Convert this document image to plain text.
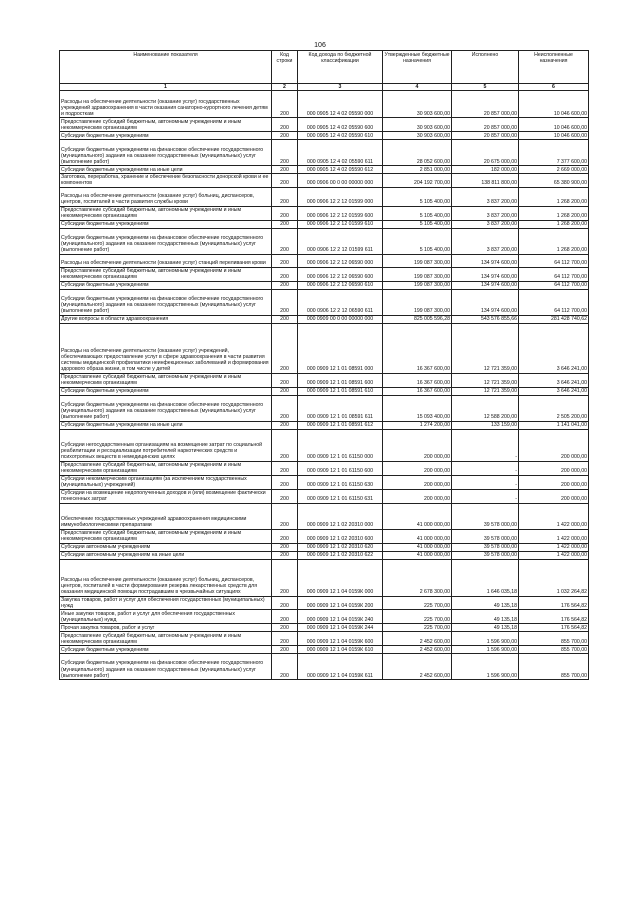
106
Наименование показателя	Код строки	Код дохода по бюджетной классификации	Утвержденные бюджетные назначения	Исполнено	Неисполненные назначения
1	2	3	4	5	6
Расходы на обеспечение деятельности (оказание услуг) государственных учреждений здравоохранения в части оказания санаторно-курортного лечения детям и подросткам	200	000 0905 12 4 02 05590 000	30 903 600,00	20 857 000,00	10 046 600,00
Предоставление субсидий бюджетным, автономным учреждениям и иным некоммерческим организациям	200	000 0905 12 4 02 05590 600	30 903 600,00	20 857 000,00	10 046 600,00
Субсидии бюджетным учреждениям	200	000 0905 12 4 02 05590 610	30 903 600,00	20 857 000,00	10 046 600,00
Субсидии бюджетным учреждениям на финансовое обеспечение государственного (муниципального) задания на оказание государственных (муниципальных) услуг (выполнение работ)	200	000 0905 12 4 02 05590 611	28 052 600,00	20 675 000,00	7 377 600,00
Субсидии бюджетным учреждениям на иные цели	200	000 0905 12 4 02 05590 612	2 851 000,00	182 000,00	2 669 000,00
Заготовка, переработка, хранение и обеспечение безопасности донорской крови и ее компонентов	200	000 0906 00 0 00 00000 000	204 192 700,00	138 811 800,00	65 380 900,00
Расходы на обеспечение деятельности (оказание услуг) больниц, диспансеров, центров, госпиталей в части развития службы крови	200	000 0906 12 2 12 01599 000	5 105 400,00	3 837 200,00	1 268 200,00
Предоставление субсидий бюджетным, автономным учреждениям и иным некоммерческим организациям	200	000 0906 12 2 12 01599 600	5 105 400,00	3 837 200,00	1 268 200,00
Субсидии бюджетным учреждениям	200	000 0906 12 2 12 01599 610	5 105 400,00	3 837 200,00	1 268 200,00
Субсидии бюджетным учреждениям на финансовое обеспечение государственного (муниципального) задания на оказание государственных (муниципальных) услуг (выполнение работ)	200	000 0906 12 2 12 01599 611	5 105 400,00	3 837 200,00	1 268 200,00
Расходы на обеспечение деятельности (оказание услуг) станций переливания крови	200	000 0906 12 2 12 06590 000	199 087 300,00	134 974 600,00	64 112 700,00
Предоставление субсидий бюджетным, автономным учреждениям и иным некоммерческим организациям	200	000 0906 12 2 12 06590 600	199 087 300,00	134 974 600,00	64 112 700,00
Субсидии бюджетным учреждениям	200	000 0906 12 2 12 06590 610	199 087 300,00	134 974 600,00	64 112 700,00
Субсидии бюджетным учреждениям на финансовое обеспечение государственного (муниципального) задания на оказание государственных (муниципальных) услуг (выполнение работ)	200	000 0906 12 2 12 06590 611	199 087 300,00	134 974 600,00	64 112 700,00
Другие вопросы в области здравоохранения	200	000 0909 00 0 00 00000 000	825 005 596,28	543 576 855,66	281 428 740,62
Расходы на обеспечение деятельности (оказание услуг) учреждений, обеспечивающих предоставление услуг в сфере здравоохранения в части развития системы медицинской профилактики неинфекционных заболеваний и формирования здорового образа жизни, в том числе у детей	200	000 0909 12 1 01 08591 000	16 367 600,00	12 721 359,00	3 646 241,00
Предоставление субсидий бюджетным, автономным учреждениям и иным некоммерческим организациям	200	000 0909 12 1 01 08591 600	16 367 600,00	12 721 359,00	3 646 241,00
Субсидии бюджетным учреждениям	200	000 0909 12 1 01 08591 610	16 367 600,00	12 721 359,00	3 646 241,00
Субсидии бюджетным учреждениям на финансовое обеспечение государственного (муниципального) задания на оказание государственных (муниципальных) услуг (выполнение работ)	200	000 0909 12 1 01 08591 611	15 093 400,00	12 588 200,00	2 505 200,00
Субсидии бюджетным учреждениям на иные цели	200	000 0909 12 1 01 08591 612	1 274 200,00	133 159,00	1 141 041,00
Субсидии негосударственным организациям на возмещение затрат по социальной реабилитации и ресоциализации потребителей наркотических средств и психотропных веществ в немедицинских целях	200	000 0909 12 1 01 61150 000	200 000,00	-	200 000,00
Предоставление субсидий бюджетным, автономным учреждениям и иным некоммерческим организациям	200	000 0909 12 1 01 61150 600	200 000,00	-	200 000,00
Субсидии некоммерческим организациям (за исключением государственных (муниципальных) учреждений)	200	000 0909 12 1 01 61150 630	200 000,00	-	200 000,00
Субсидии на возмещение недополученных доходов и (или) возмещение фактически понесенных затрат	200	000 0909 12 1 01 61150 631	200 000,00	-	200 000,00
Обеспечение государственных учреждений здравоохранения медицинскими иммунобиологическими препаратами	200	000 0909 12 1 02 20310 000	41 000 000,00	39 578 000,00	1 422 000,00
Предоставление субсидий бюджетным, автономным учреждениям и иным некоммерческим организациям	200	000 0909 12 1 02 20310 600	41 000 000,00	39 578 000,00	1 422 000,00
Субсидии автономным учреждениям	200	000 0909 12 1 02 20310 620	41 000 000,00	39 578 000,00	1 422 000,00
Субсидии автономным учреждениям на иные цели	200	000 0909 12 1 02 20310 622	41 000 000,00	39 578 000,00	1 422 000,00
Расходы на обеспечение деятельности (оказание услуг) больниц, диспансеров, центров, госпиталей в части формирования резерва лекарственных средств для оказания медицинской помощи пострадавшим в чрезвычайных ситуациях	200	000 0909 12 1 04 0159К 000	2 678 300,00	1 646 035,18	1 032 264,82
Закупка товаров, работ и услуг для обеспечения государственных (муниципальных) нужд	200	000 0909 12 1 04 0159К 200	225 700,00	49 135,18	176 564,82
Иные закупки товаров, работ и услуг для обеспечения государственных (муниципальных) нужд	200	000 0909 12 1 04 0159К 240	225 700,00	49 135,18	176 564,82
Прочая закупка товаров, работ и услуг	200	000 0909 12 1 04 0159К 244	225 700,00	49 135,18	176 564,82
Предоставление субсидий бюджетным, автономным учреждениям и иным некоммерческим организациям	200	000 0909 12 1 04 0159К 600	2 452 600,00	1 596 900,00	855 700,00
Субсидии бюджетным учреждениям	200	000 0909 12 1 04 0159К 610	2 452 600,00	1 596 900,00	855 700,00
Субсидии бюджетным учреждениям на финансовое обеспечение государственного (муниципального) задания на оказание государственных (муниципальных) услуг (выполнение работ)	200	000 0909 12 1 04 0159К 611	2 452 600,00	1 596 900,00	855 700,00
